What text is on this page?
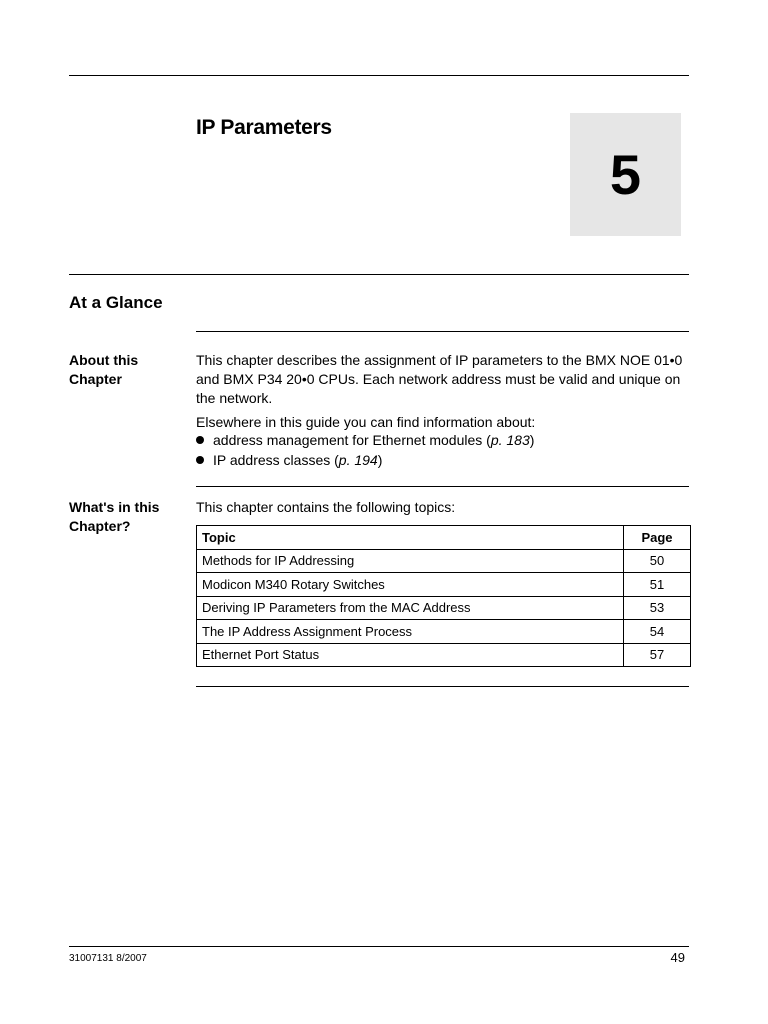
IP Parameters
5
At a Glance
About this
Chapter
This chapter describes the assignment of IP parameters to the BMX NOE 01•0 and BMX P34 20•0 CPUs. Each network address must be valid and unique on the network.
Elsewhere in this guide you can find information about:
address management for Ethernet modules (p. 183)
IP address classes (p. 194)
What's in this
Chapter?
This chapter contains the following topics:
Topic	Page
Methods for IP Addressing	50
Modicon M340 Rotary Switches	51
Deriving IP Parameters from the MAC Address	53
The IP Address Assignment Process	54
Ethernet Port Status	57
31007131 8/2007	49
